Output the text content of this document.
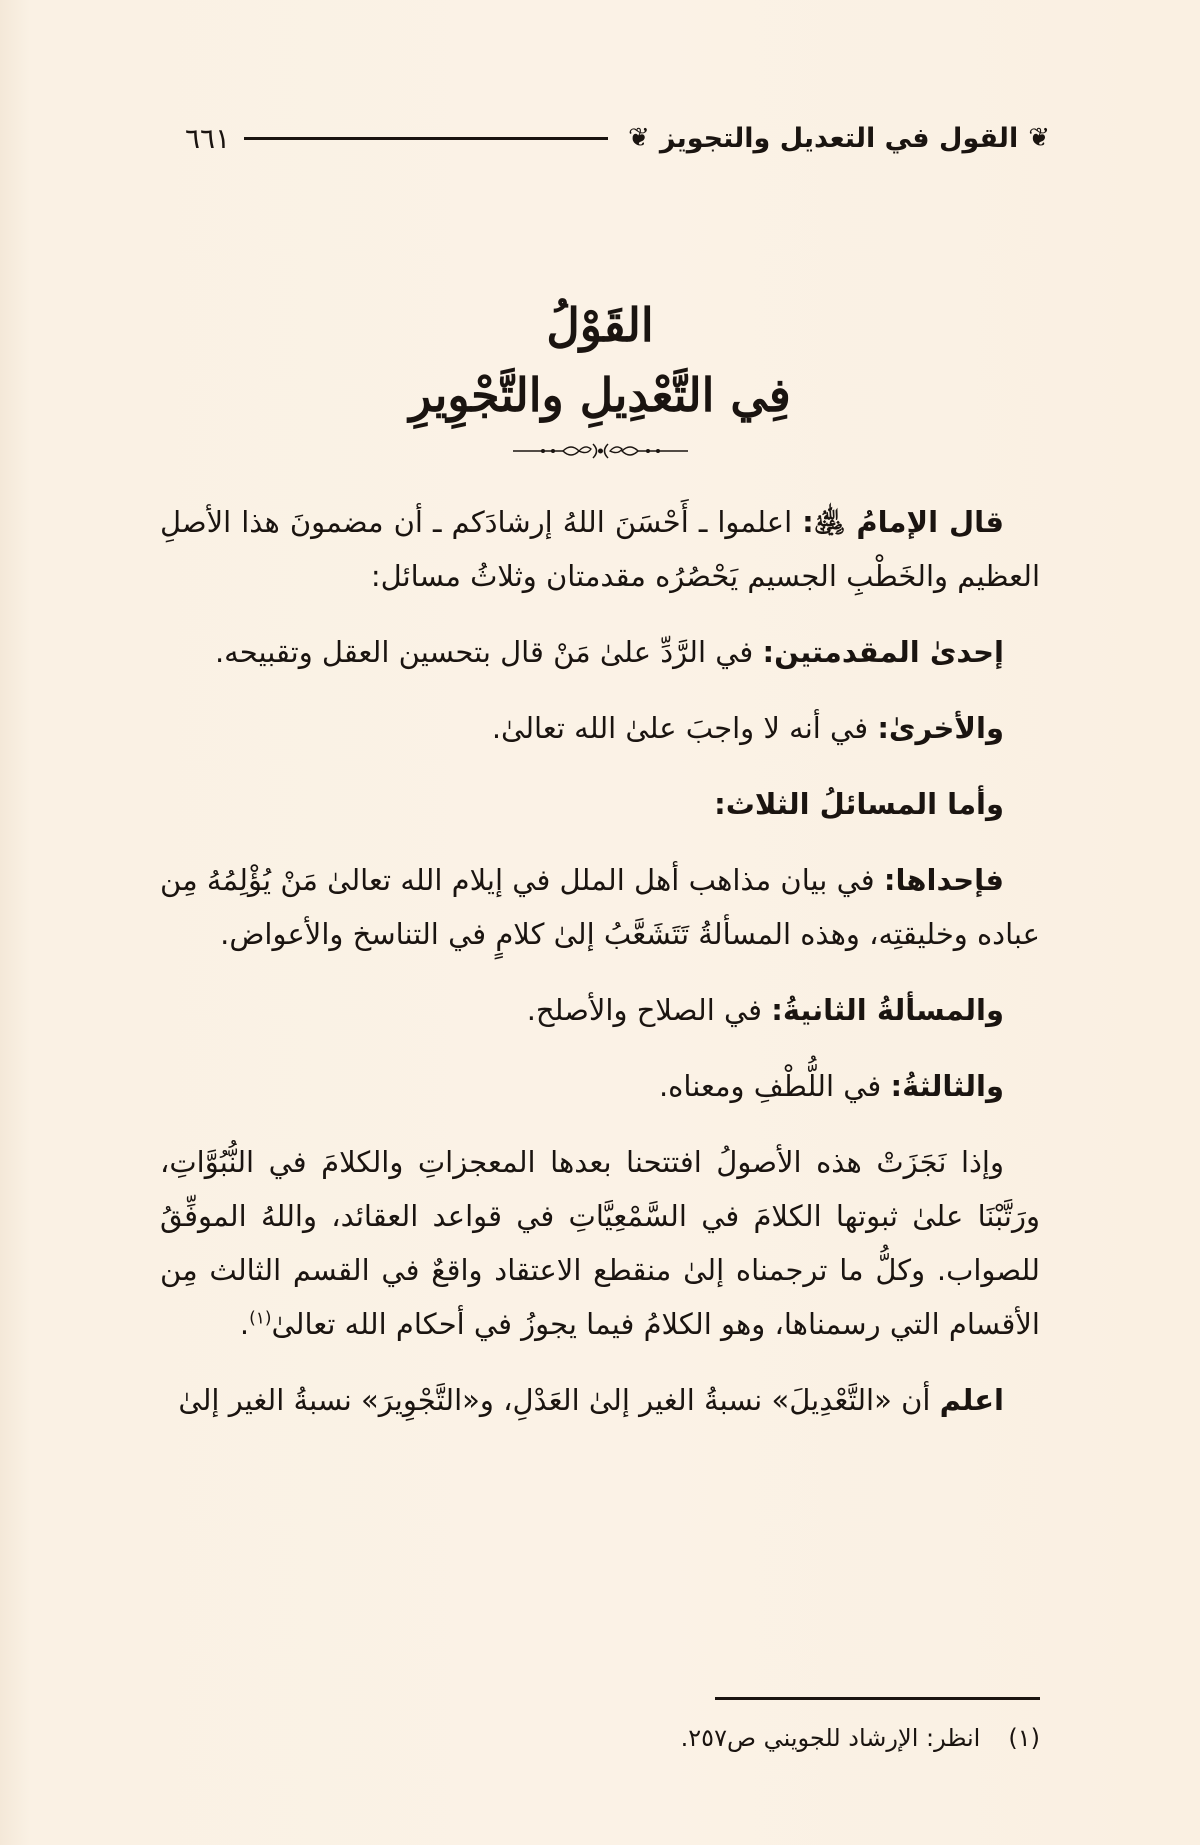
❦
القول في التعديل والتجويز
❦
٦٦١
القَوْلُ
فِي التَّعْدِيلِ والتَّجْوِيرِ

قال الإمامُ ﵁: اعلموا ـ أَحْسَنَ اللهُ إرشادَكم ـ أن مضمونَ هذا الأصلِ العظيم والخَطْبِ الجسيم يَحْصُرُه مقدمتان وثلاثُ مسائل:

إحدىٰ المقدمتين: في الرَّدِّ علىٰ مَنْ قال بتحسين العقل وتقبيحه.

والأخرىٰ: في أنه لا واجبَ علىٰ الله تعالىٰ.

وأما المسائلُ الثلاث:

فإحداها: في بيان مذاهب أهل الملل في إيلام الله تعالىٰ مَنْ يُؤْلِمُهُ مِن عباده وخليقتِه، وهذه المسألةُ تَتَشَعَّبُ إلىٰ كلامٍ في التناسخ والأعواض.

والمسألةُ الثانيةُ: في الصلاح والأصلح.

والثالثةُ: في اللُّطْفِ ومعناه.

وإذا نَجَزَتْ هذه الأصولُ افتتحنا بعدها المعجزاتِ والكلامَ في النُّبُوَّاتِ، ورَتَّبْنَا علىٰ ثبوتها الكلامَ في السَّمْعِيَّاتِ في قواعد العقائد، واللهُ الموفِّقُ للصواب. وكلُّ ما ترجمناه إلىٰ منقطع الاعتقاد واقعٌ في القسم الثالث مِن الأقسام التي رسمناها، وهو الكلامُ فيما يجوزُ في أحكام الله تعالىٰ$^{(١)}$.

اعلم أن «التَّعْدِيلَ» نسبةُ الغير إلىٰ العَدْلِ، و«التَّجْوِيرَ» نسبةُ الغير إلىٰ

(١)
انظر: الإرشاد للجويني ص٢٥٧.
